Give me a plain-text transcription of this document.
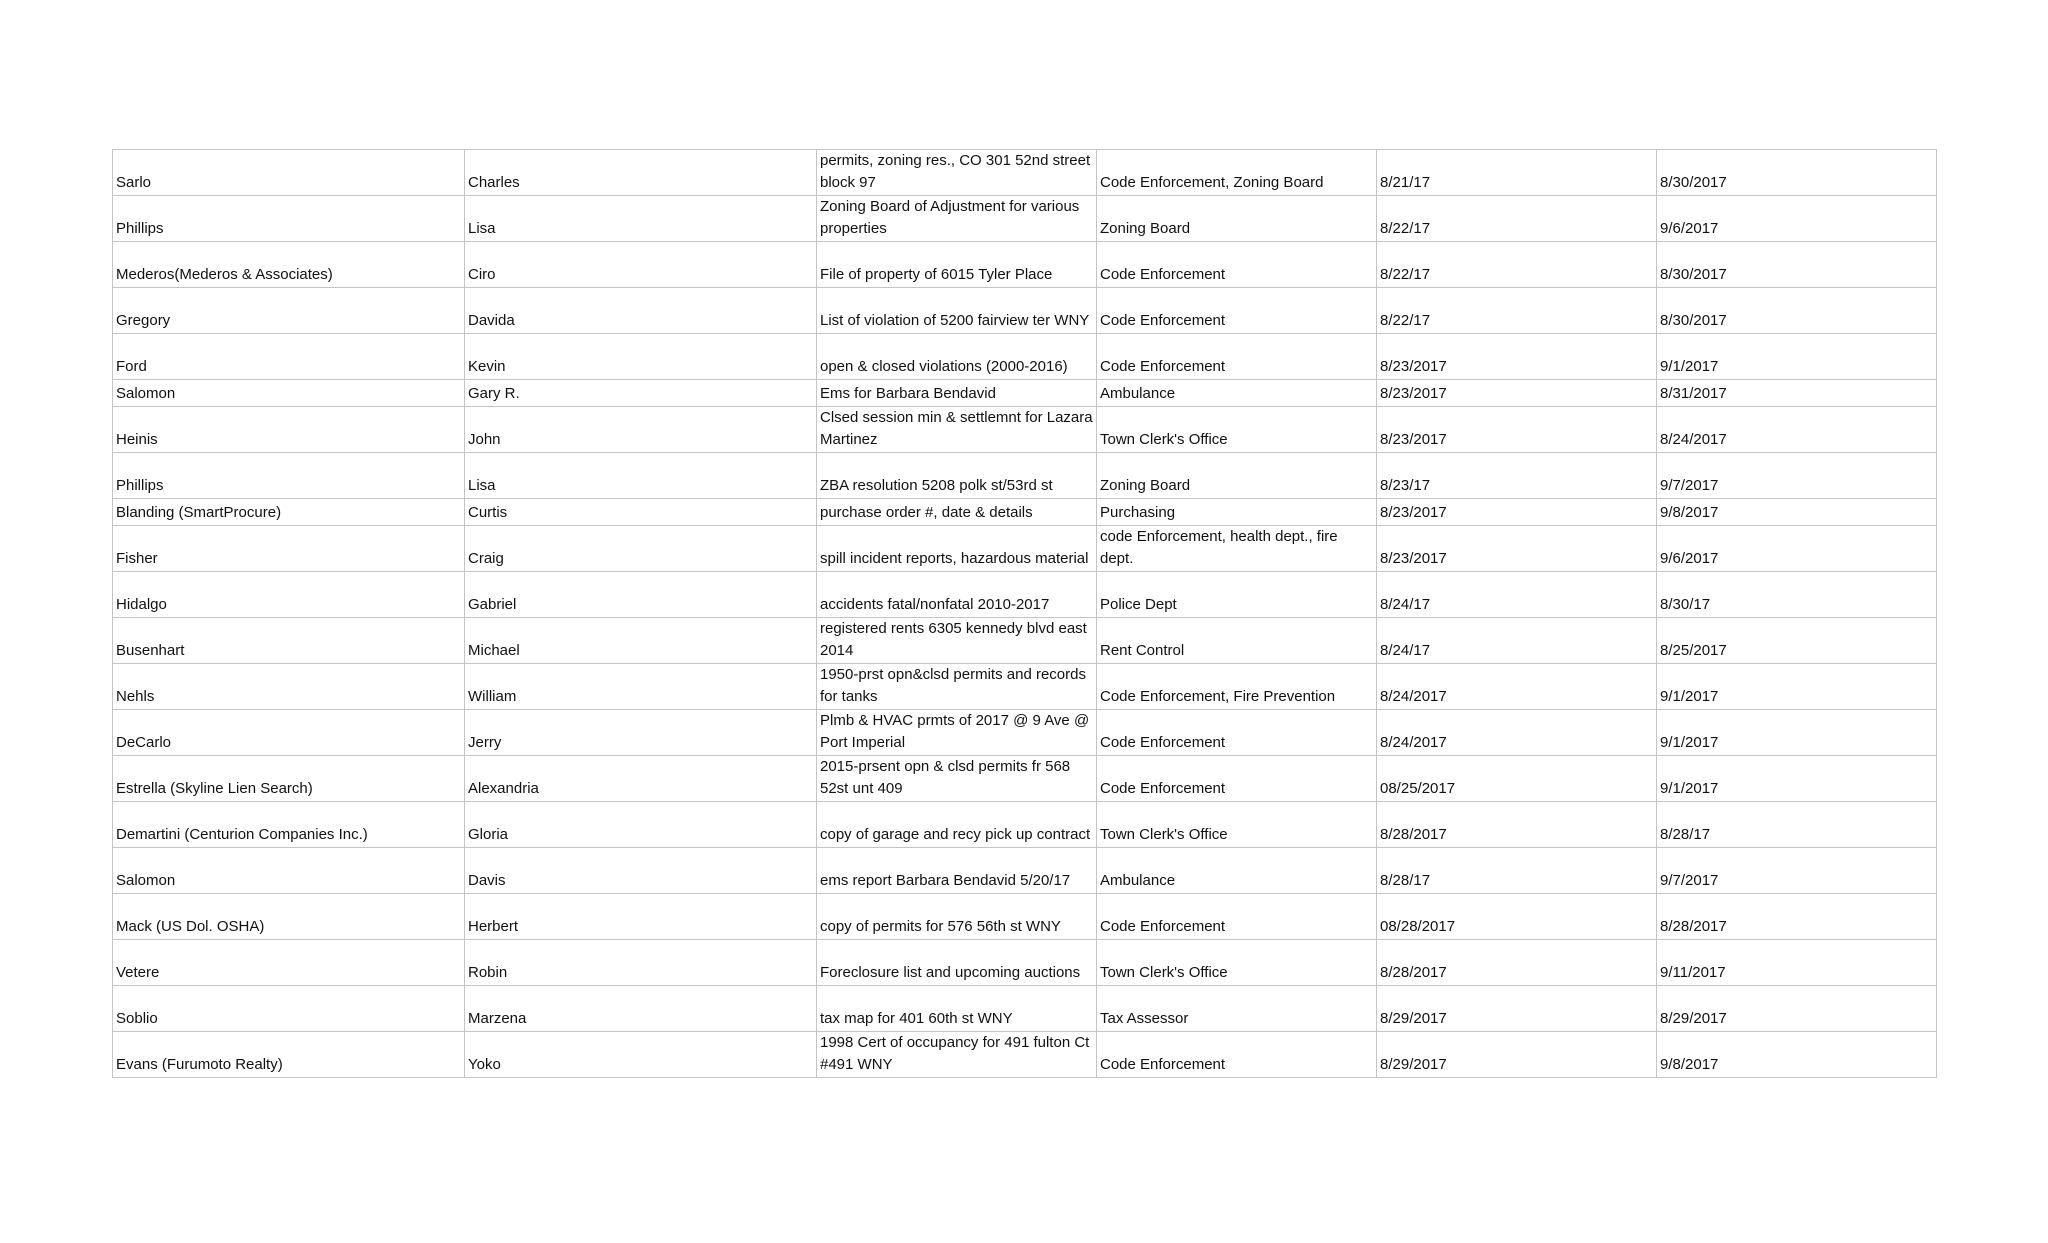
Sarlo	Charles	permits, zoning res., CO 301 52nd street block 97	Code Enforcement, Zoning Board	8/21/17	8/30/2017
Phillips	Lisa	Zoning Board of Adjustment for various properties	Zoning Board	8/22/17	9/6/2017
Mederos(Mederos & Associates)	Ciro	File of property of 6015 Tyler Place	Code Enforcement	8/22/17	8/30/2017
Gregory	Davida	List of violation of 5200 fairview ter WNY	Code Enforcement	8/22/17	8/30/2017
Ford	Kevin	open & closed violations (2000-2016)	Code Enforcement	8/23/2017	9/1/2017
Salomon	Gary R.	Ems for Barbara Bendavid	Ambulance	8/23/2017	8/31/2017
Heinis	John	Clsed session min & settlemnt for Lazara Martinez	Town Clerk's Office	8/23/2017	8/24/2017
Phillips	Lisa	ZBA resolution 5208 polk st/53rd st	Zoning Board	8/23/17	9/7/2017
Blanding (SmartProcure)	Curtis	purchase order #, date & details	Purchasing	8/23/2017	9/8/2017
Fisher	Craig	spill incident reports, hazardous material	code Enforcement, health dept., fire dept.	8/23/2017	9/6/2017
Hidalgo	Gabriel	accidents fatal/nonfatal 2010-2017	Police Dept	8/24/17	8/30/17
Busenhart	Michael	registered rents 6305 kennedy blvd east 2014	Rent Control	8/24/17	8/25/2017
Nehls	William	1950-prst opn&clsd permits and records for tanks	Code Enforcement, Fire Prevention	8/24/2017	9/1/2017
DeCarlo	Jerry	Plmb & HVAC prmts of 2017 @ 9 Ave @ Port Imperial	Code Enforcement	8/24/2017	9/1/2017
Estrella (Skyline Lien Search)	Alexandria	2015-prsent opn & clsd permits fr 568 52st unt 409	Code Enforcement	08/25/2017	9/1/2017
Demartini (Centurion Companies Inc.)	Gloria	copy of garage and recy pick up contract	Town Clerk's Office	8/28/2017	8/28/17
Salomon	Davis	ems report Barbara Bendavid 5/20/17	Ambulance	8/28/17	9/7/2017
Mack (US Dol. OSHA)	Herbert	copy of permits for 576 56th st WNY	Code Enforcement	08/28/2017	8/28/2017
Vetere	Robin	Foreclosure list and upcoming auctions	Town Clerk's Office	8/28/2017	9/11/2017
Soblio	Marzena	tax map for 401 60th st WNY	Tax Assessor	8/29/2017	8/29/2017
Evans (Furumoto Realty)	Yoko	1998 Cert of occupancy for 491 fulton Ct #491 WNY	Code Enforcement	8/29/2017	9/8/2017
